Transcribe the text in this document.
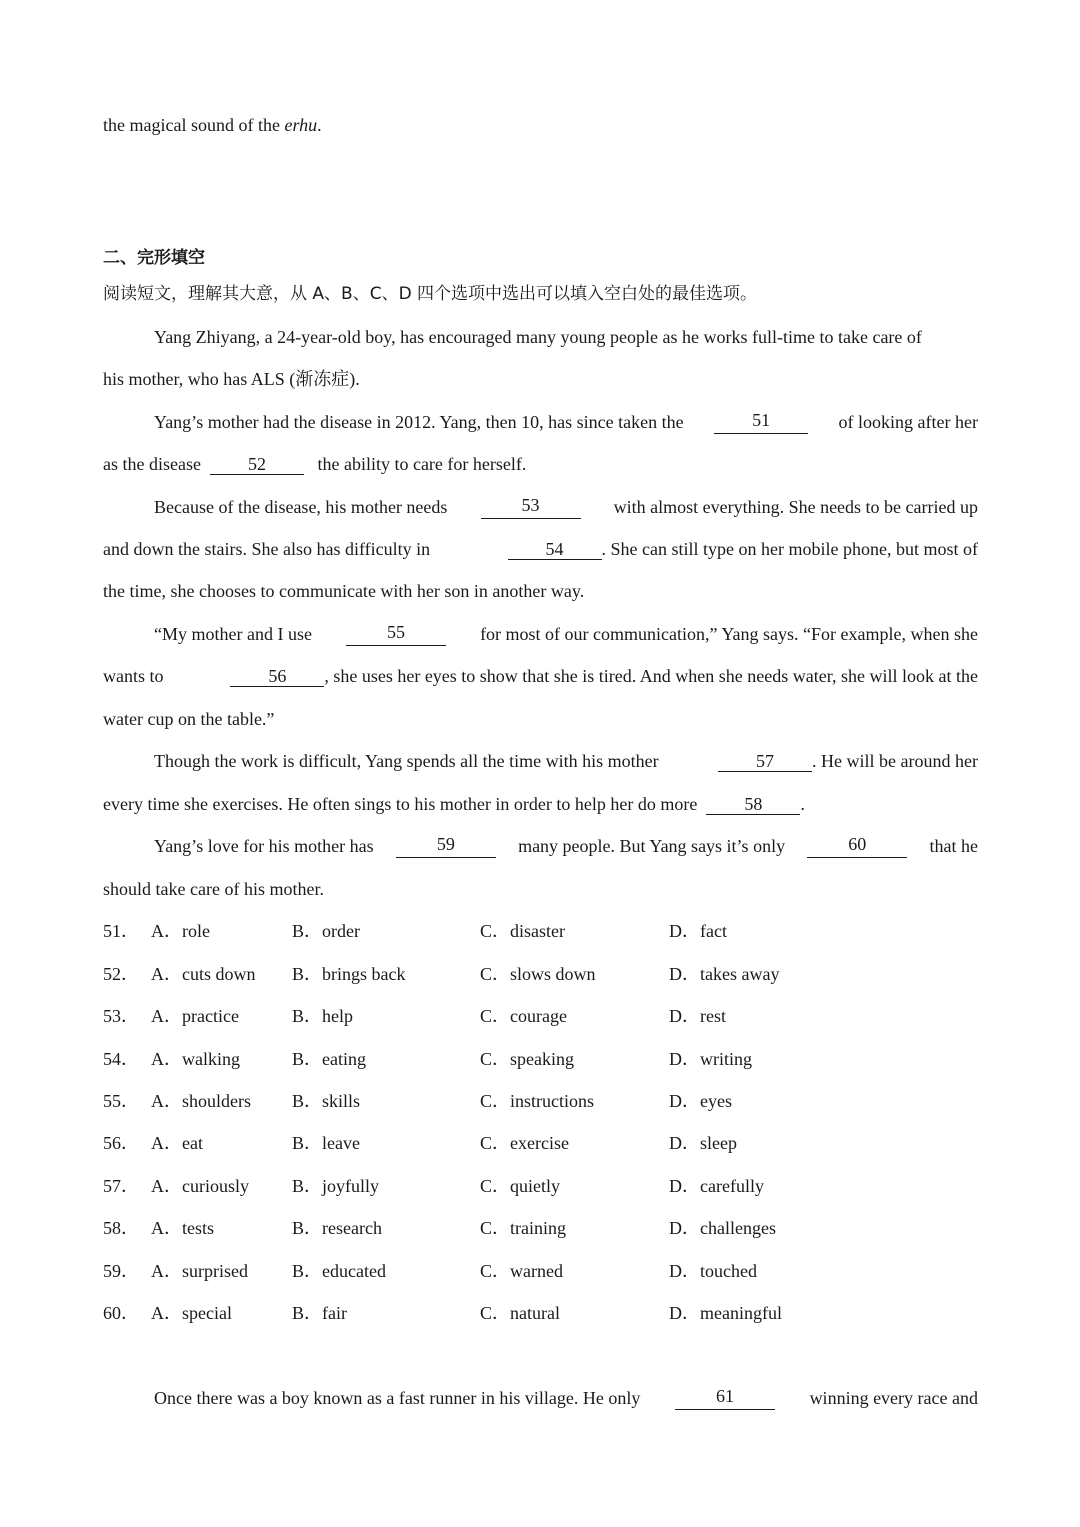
the magical sound of the erhu.
二、完形填空
阅读短文，理解其大意，从 A、B、C、D 四个选项中选出可以填入空白处的最佳选项。
Yang Zhiyang, a 24-year-old boy, has encouraged many young people as he works full-time to take care of
his mother, who has ALS (渐冻症).
Yang’s mother had the disease in 2012. Yang, then 10, has since taken the	51	of looking after her
as the disease	52	the ability to care for herself.
Because of the disease, his mother needs	53	with almost everything. She needs to be carried up
and down the stairs. She also has difficulty in	54 . She can still type on her mobile phone, but most of
the time, she chooses to communicate with her son in another way.
“My mother and I use	55	for most of our communication,” Yang says. “For example, when she
wants to	56 , she uses her eyes to show that she is tired. And when she needs water, she will look at the
water cup on the table.”
Though the work is difficult, Yang spends all the time with his mother	57 . He will be around her
every time she exercises. He often sings to his mother in order to help her do more	58 .
Yang’s love for his mother has	59	many people. But Yang says it’s only	60	that he
should take care of his mother.
51． A．role	B．order	C．disaster	D．fact
52． A．cuts down B．brings back	C．slows down	D．takes away
53． A．practice	B．help	C．courage	D．rest
54． A．walking	B．eating	C．speaking	D．writing
55． A．shoulders B．skills	C．instructions	D．eyes
56． A．eat	B．leave	C．exercise	D．sleep
57． A．curiously B．joyfully	C．quietly	D．carefully
58． A．tests	B．research	C．training	D．challenges
59． A．surprised B．educated	C．warned	D．touched
60． A．special	B．fair	C．natural	D．meaningful
Once there was a boy known as a fast runner in his village. He only	61	winning every race and
